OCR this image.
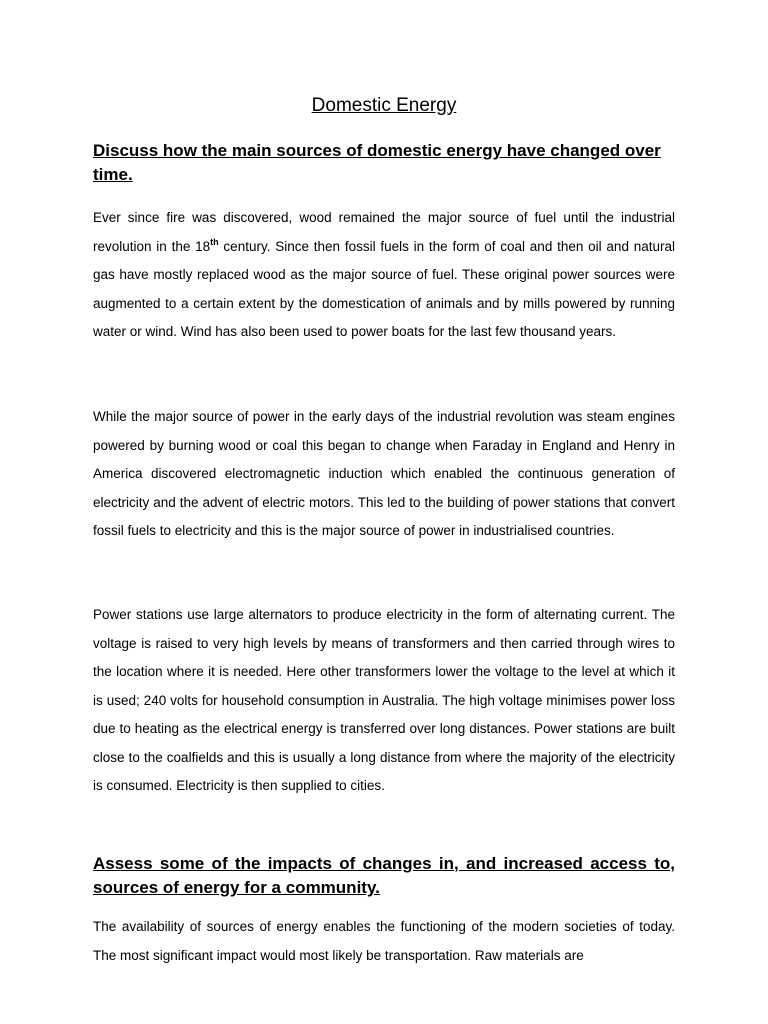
Domestic Energy
Discuss how the main sources of domestic energy have changed over time.

Ever since fire was discovered, wood remained the major source of fuel until the industrial revolution in the 18th century. Since then fossil fuels in the form of coal and then oil and natural gas have mostly replaced wood as the major source of fuel. These original power sources were augmented to a certain extent by the domestication of animals and by mills powered by running water or wind. Wind has also been used to power boats for the last few thousand years.

While the major source of power in the early days of the industrial revolution was steam engines powered by burning wood or coal this began to change when Faraday in England and Henry in America discovered electromagnetic induction which enabled the continuous generation of electricity and the advent of electric motors. This led to the building of power stations that convert fossil fuels to electricity and this is the major source of power in industrialised countries.

Power stations use large alternators to produce electricity in the form of alternating current. The voltage is raised to very high levels by means of transformers and then carried through wires to the location where it is needed. Here other transformers lower the voltage to the level at which it is used; 240 volts for household consumption in Australia. The high voltage minimises power loss due to heating as the electrical energy is transferred over long distances. Power stations are built close to the coalfields and this is usually a long distance from where the majority of the electricity is consumed. Electricity is then supplied to cities.

Assess some of the impacts of changes in, and increased access to, sources of energy for a community.

The availability of sources of energy enables the functioning of the modern societies of today. The most significant impact would most likely be transportation. Raw materials are
